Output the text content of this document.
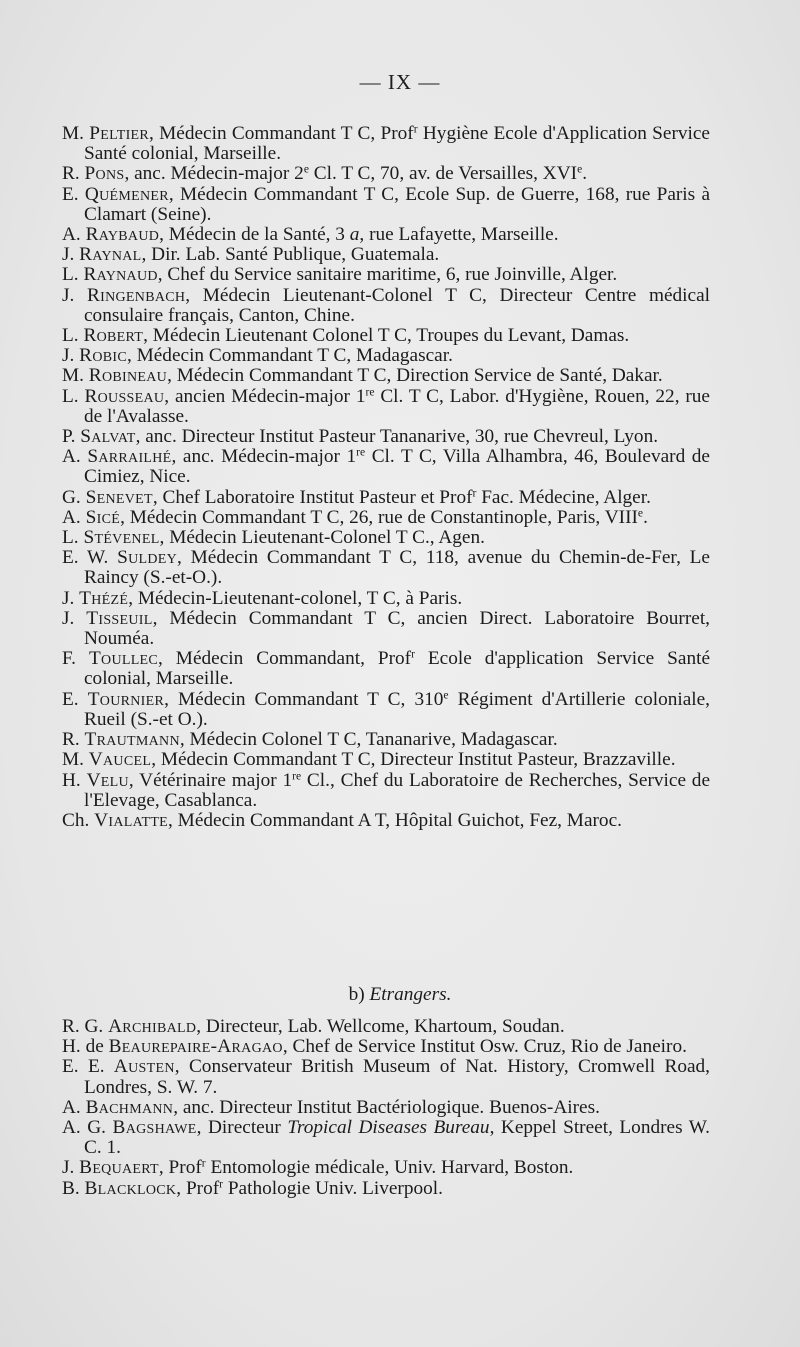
— IX —

M. Peltier, Médecin Commandant T C, Prof$^r$ Hygiène Ecole d'Application Service Santé colonial, Marseille.

R. Pons, anc. Médecin-major 2e Cl. T C, 70, av. de Versailles, XVIe.

E. Quémener, Médecin Commandant T C, Ecole Sup. de Guerre, 168, rue Paris à Clamart (Seine).

A. Raybaud, Médecin de la Santé, 3 a, rue Lafayette, Marseille.

J. Raynal, Dir. Lab. Santé Publique, Guatemala.

L. Raynaud, Chef du Service sanitaire maritime, 6, rue Joinville, Alger.

J. Ringenbach, Médecin Lieutenant-Colonel T C, Directeur Centre médical consulaire français, Canton, Chine.

L. Robert, Médecin Lieutenant Colonel T C, Troupes du Levant, Damas.

J. Robic, Médecin Commandant T C, Madagascar.

M. Robineau, Médecin Commandant T C, Direction Service de Santé, Dakar.

L. Rousseau, ancien Médecin-major 1re Cl. T C, Labor. d'Hygiène, Rouen, 22, rue de l'Avalasse.

P. Salvat, anc. Directeur Institut Pasteur Tananarive, 30, rue Chevreul, Lyon.

A. Sarrailhé, anc. Médecin-major 1re Cl. T C, Villa Alhambra, 46, Boulevard de Cimiez, Nice.

G. Senevet, Chef Laboratoire Institut Pasteur et Prof$^r$ Fac. Médecine, Alger.

A. Sicé, Médecin Commandant T C, 26, rue de Constantinople, Paris, VIIIe.

L. Stévenel, Médecin Lieutenant-Colonel T C., Agen.

E. W. Suldey, Médecin Commandant T C, 118, avenue du Chemin-de-Fer, Le Raincy (S.-et-O.).

J. Thézé, Médecin-Lieutenant-colonel, T C, à Paris.

J. Tisseuil, Médecin Commandant T C, ancien Direct. Laboratoire Bourret, Nouméa.

F. Toullec, Médecin Commandant, Prof$^r$ Ecole d'application Service Santé colonial, Marseille.

E. Tournier, Médecin Commandant T C, 310e Régiment d'Artillerie coloniale, Rueil (S.-et O.).

R. Trautmann, Médecin Colonel T C, Tananarive, Madagascar.

M. Vaucel, Médecin Commandant T C, Directeur Institut Pasteur, Brazzaville.

H. Velu, Vétérinaire major 1re Cl., Chef du Laboratoire de Recherches, Service de l'Elevage, Casablanca.

Ch. Vialatte, Médecin Commandant A T, Hôpital Guichot, Fez, Maroc.

b) Etrangers.

R. G. Archibald, Directeur, Lab. Wellcome, Khartoum, Soudan.

H. de Beaurepaire-Aragao, Chef de Service Institut Osw. Cruz, Rio de Janeiro.

E. E. Austen, Conservateur British Museum of Nat. History, Cromwell Road, Londres, S. W. 7.

A. Bachmann, anc. Directeur Institut Bactériologique. Buenos-Aires.

A. G. Bagshawe, Directeur Tropical Diseases Bureau, Keppel Street, Londres W. C. 1.

J. Bequaert, Prof$^r$ Entomologie médicale, Univ. Harvard, Boston.

B. Blacklock, Prof$^r$ Pathologie Univ. Liverpool.
